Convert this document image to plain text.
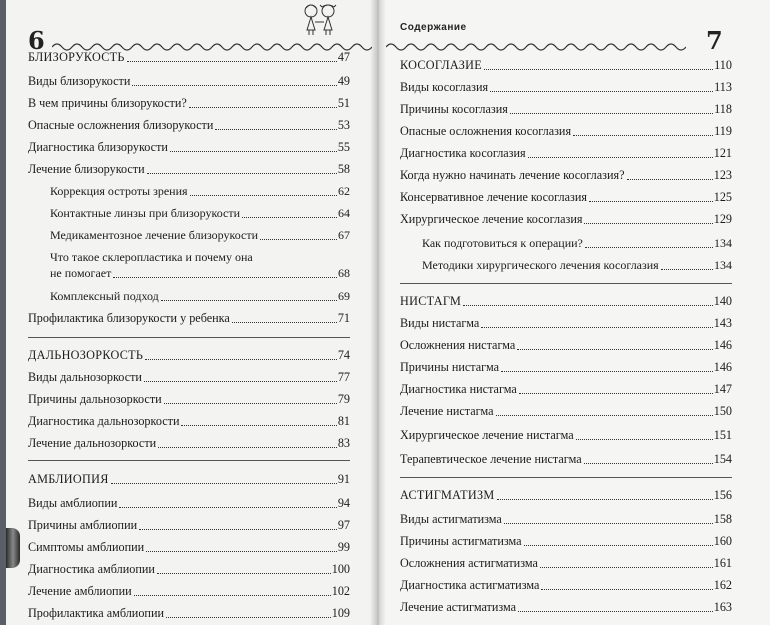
6
БЛИЗОРУКОСТЬ	47
Виды близорукости	49
В чем причины близорукости?	51
Опасные осложнения близорукости	53
Диагностика близорукости	55
Лечение близорукости	58
Коррекция остроты зрения	62
Контактные линзы при близорукости	64
Медикаментозное лечение близорукости	67
Что такое склеропластика и почему она
не помогает	68
Комплексный подход	69
Профилактика близорукости у ребенка	71
ДАЛЬНОЗОРКОСТЬ	74
Виды дальнозоркости	77
Причины дальнозоркости	79
Диагностика дальнозоркости	81
Лечение дальнозоркости	83
АМБЛИОПИЯ	91
Виды амблиопии	94
Причины амблиопии	97
Симптомы амблиопии	99
Диагностика амблиопии	100
Лечение амблиопии	102
Профилактика амблиопии	109
Содержание	7
КОСОГЛАЗИЕ	110
Виды косоглазия	113
Причины косоглазия	118
Опасные осложнения косоглазия	119
Диагностика косоглазия	121
Когда нужно начинать лечение косоглазия?	123
Консервативное лечение косоглазия	125
Хирургическое лечение косоглазия	129
Как подготовиться к операции?	134
Методики хирургического лечения косоглазия	134
НИСТАГМ	140
Виды нистагма	143
Осложнения нистагма	146
Причины нистагма	146
Диагностика нистагма	147
Лечение нистагма	150
Хирургическое лечение нистагма	151
Терапевтическое лечение нистагма	154
АСТИГМАТИЗМ	156
Виды астигматизма	158
Причины астигматизма	160
Осложнения астигматизма	161
Диагностика астигматизма	162
Лечение астигматизма	163
